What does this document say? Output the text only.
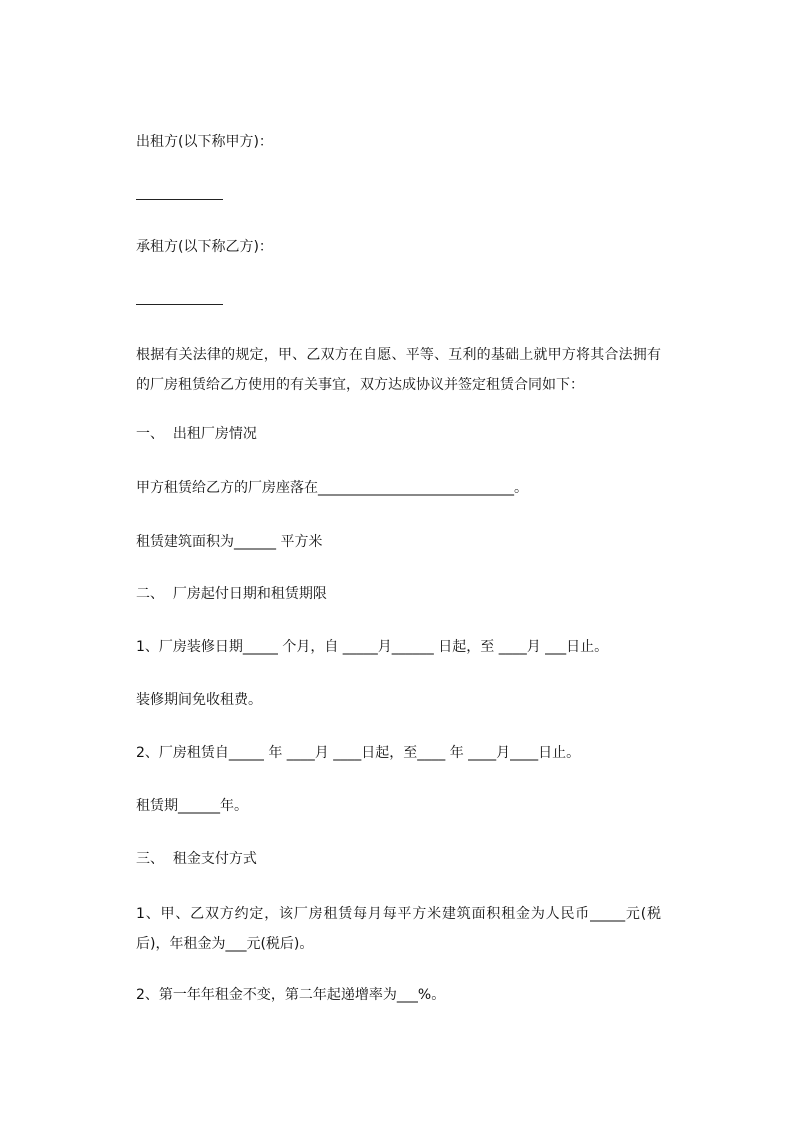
出租方(以下称甲方)：
承租方(以下称乙方)：
根据有关法律的规定，甲、乙双方在自愿、平等、互利的基础上就甲方将其合法拥有的厂房租赁给乙方使用的有关事宜，双方达成协议并签定租赁合同如下：
一、  出租厂房情况
甲方租赁给乙方的厂房座落在____________________________。
租赁建筑面积为______ 平方米
二、  厂房起付日期和租赁期限
1、厂房装修日期_____ 个月，自 _____月______ 日起，至 ____月 ___日止。
装修期间免收租费。
2、厂房租赁自_____ 年 ____月 ____日起，至____ 年 ____月____日止。
租赁期______年。
三、  租金支付方式
1、甲、乙双方约定，该厂房租赁每月每平方米建筑面积租金为人民币_____元(税后)，年租金为___元(税后)。
2、第一年年租金不变，第二年起递增率为___%。
